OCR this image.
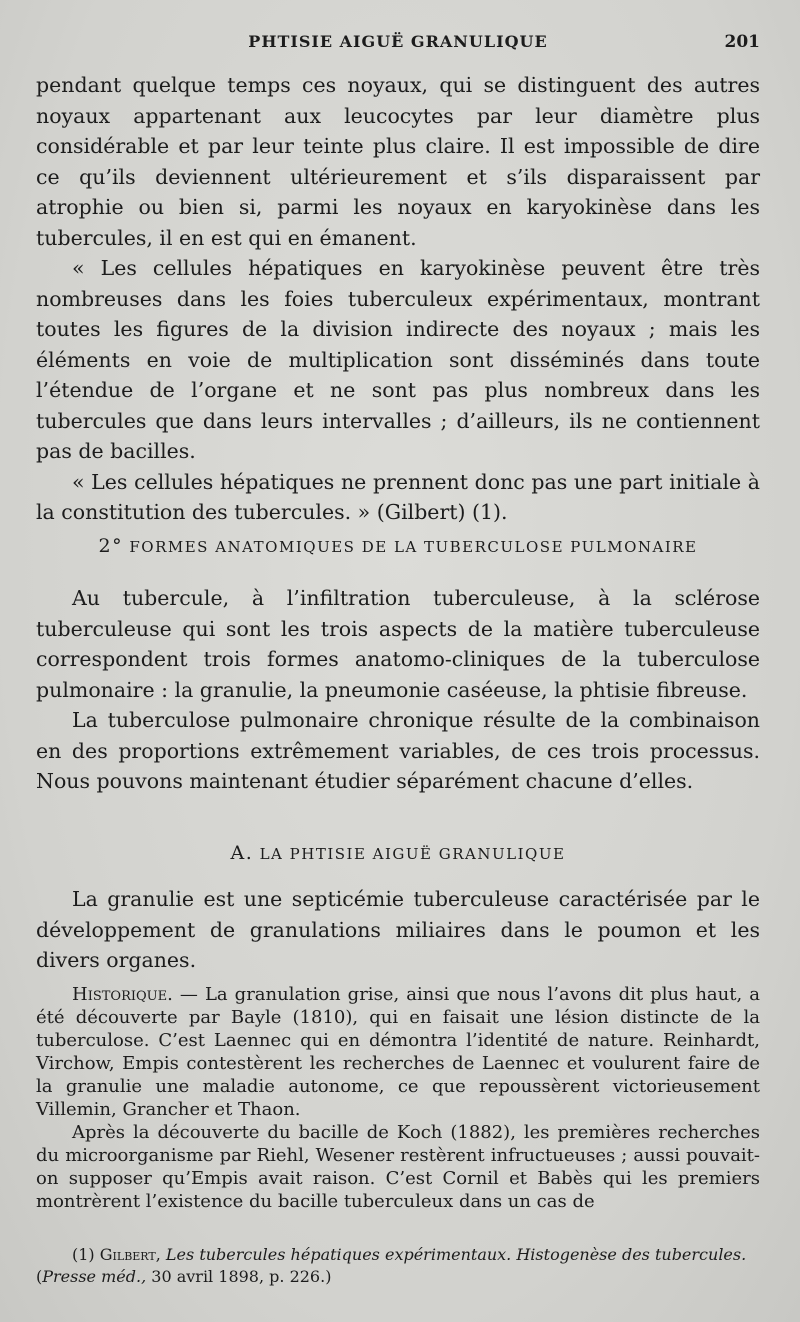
PHTISIE AIGUË GRANULIQUE	201

pendant quelque temps ces noyaux, qui se distinguent des autres noyaux appartenant aux leucocytes par leur diamètre plus considérable et par leur teinte plus claire. Il est impossible de dire ce qu’ils deviennent ultérieurement et s’ils disparaissent par atrophie ou bien si, parmi les noyaux en karyokinèse dans les tubercules, il en est qui en émanent.

« Les cellules hépatiques en karyokinèse peuvent être très nombreuses dans les foies tuberculeux expérimentaux, montrant toutes les figures de la division indirecte des noyaux ; mais les éléments en voie de multiplication sont disséminés dans toute l’étendue de l’organe et ne sont pas plus nombreux dans les tubercules que dans leurs intervalles ; d’ailleurs, ils ne contiennent pas de bacilles.

« Les cellules hépatiques ne prennent donc pas une part initiale à la constitution des tubercules. » (Gilbert) (1).

2° FORMES ANATOMIQUES DE LA TUBERCULOSE PULMONAIRE

Au tubercule, à l’infiltration tuberculeuse, à la sclérose tuberculeuse qui sont les trois aspects de la matière tuberculeuse correspondent trois formes anatomo-cliniques de la tuberculose pulmonaire : la granulie, la pneumonie caséeuse, la phtisie fibreuse.

La tuberculose pulmonaire chronique résulte de la combinaison en des proportions extrêmement variables, de ces trois processus. Nous pouvons maintenant étudier séparément chacune d’elles.

A. LA PHTISIE AIGUË GRANULIQUE

La granulie est une septicémie tuberculeuse caractérisée par le développement de granulations miliaires dans le poumon et les divers organes.

Historique. — La granulation grise, ainsi que nous l’avons dit plus haut, a été découverte par Bayle (1810), qui en faisait une lésion distincte de la tuberculose. C’est Laennec qui en démontra l’identité de nature. Reinhardt, Virchow, Empis contestèrent les recherches de Laennec et voulurent faire de la granulie une maladie autonome, ce que repoussèrent victorieusement Villemin, Grancher et Thaon.

Après la découverte du bacille de Koch (1882), les premières recherches du microorganisme par Riehl, Wesener restèrent infructueuses ; aussi pouvait-on supposer qu’Empis avait raison. C’est Cornil et Babès qui les premiers montrèrent l’existence du bacille tuberculeux dans un cas de

(1) Gilbert, Les tubercules hépatiques expérimentaux. Histogenèse des tubercules.
(Presse méd., 30 avril 1898, p. 226.)
